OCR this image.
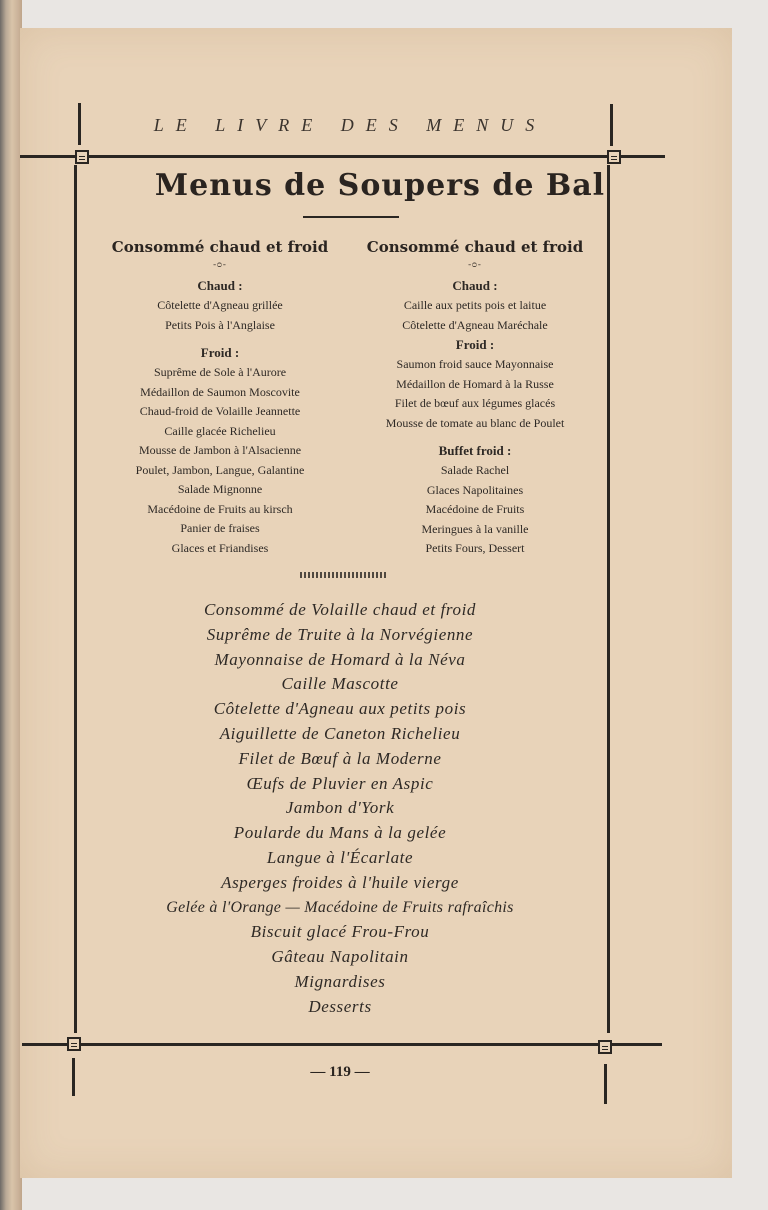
LE LIVRE DES MENUS
Menus de Soupers de Bal
Consommé chaud et froid
-ᴑ-
Chaud :
Côtelette d'Agneau grillée
Petits Pois à l'Anglaise
Froid :
Suprême de Sole à l'Aurore
Médaillon de Saumon Moscovite
Chaud-froid de Volaille Jeannette
Caille glacée Richelieu
Mousse de Jambon à l'Alsacienne
Poulet, Jambon, Langue, Galantine
Salade Mignonne
Macédoine de Fruits au kirsch
Panier de fraises
Glaces et Friandises
Consommé chaud et froid
-ᴑ-
Chaud :
Caille aux petits pois et laitue
Côtelette d'Agneau Maréchale
Froid :
Saumon froid sauce Mayonnaise
Médaillon de Homard à la Russe
Filet de bœuf aux légumes glacés
Mousse de tomate au blanc de Poulet
Buffet froid :
Salade Rachel
Glaces Napolitaines
Macédoine de Fruits
Meringues à la vanille
Petits Fours, Dessert
Consommé de Volaille chaud et froid
Suprême de Truite à la Norvégienne
Mayonnaise de Homard à la Néva
Caille Mascotte
Côtelette d'Agneau aux petits pois
Aiguillette de Caneton Richelieu
Filet de Bœuf à la Moderne
Œufs de Pluvier en Aspic
Jambon d'York
Poularde du Mans à la gelée
Langue à l'Écarlate
Asperges froides à l'huile vierge
Gelée à l'Orange — Macédoine de Fruits rafraîchis
Biscuit glacé Frou-Frou
Gâteau Napolitain
Mignardises
Desserts
— 119 —
